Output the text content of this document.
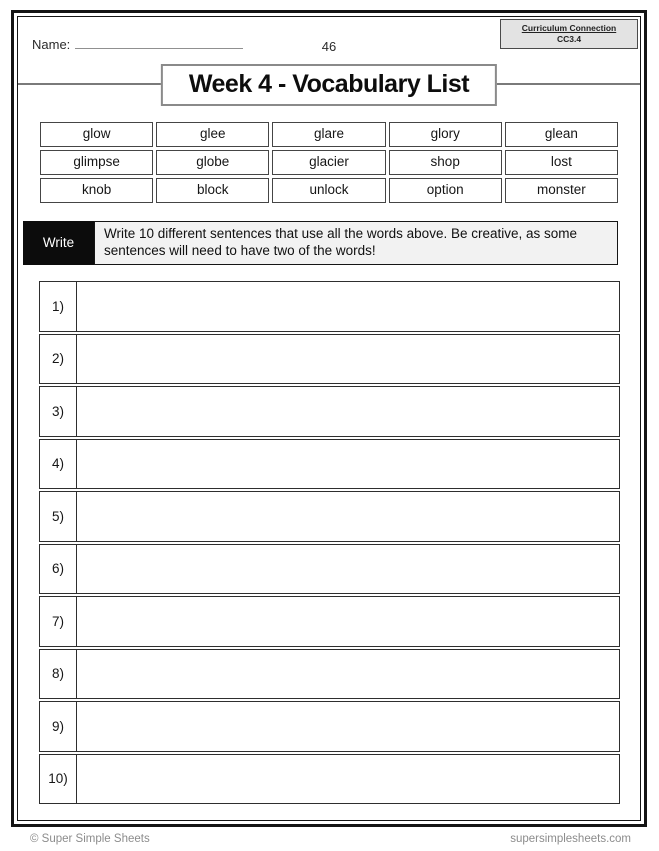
Name:	46
Curriculum Connection
CC3.4
Week 4 - Vocabulary List
glow	glee	glare	glory	glean
glimpse	globe	glacier	shop	lost
knob	block	unlock	option	monster
Write
Write 10 different sentences that use all the words above. Be creative, as some sentences will need to have two of the words!
1)
2)
3)
4)
5)
6)
7)
8)
9)
10)
© Super Simple Sheets	supersimplesheets.com
